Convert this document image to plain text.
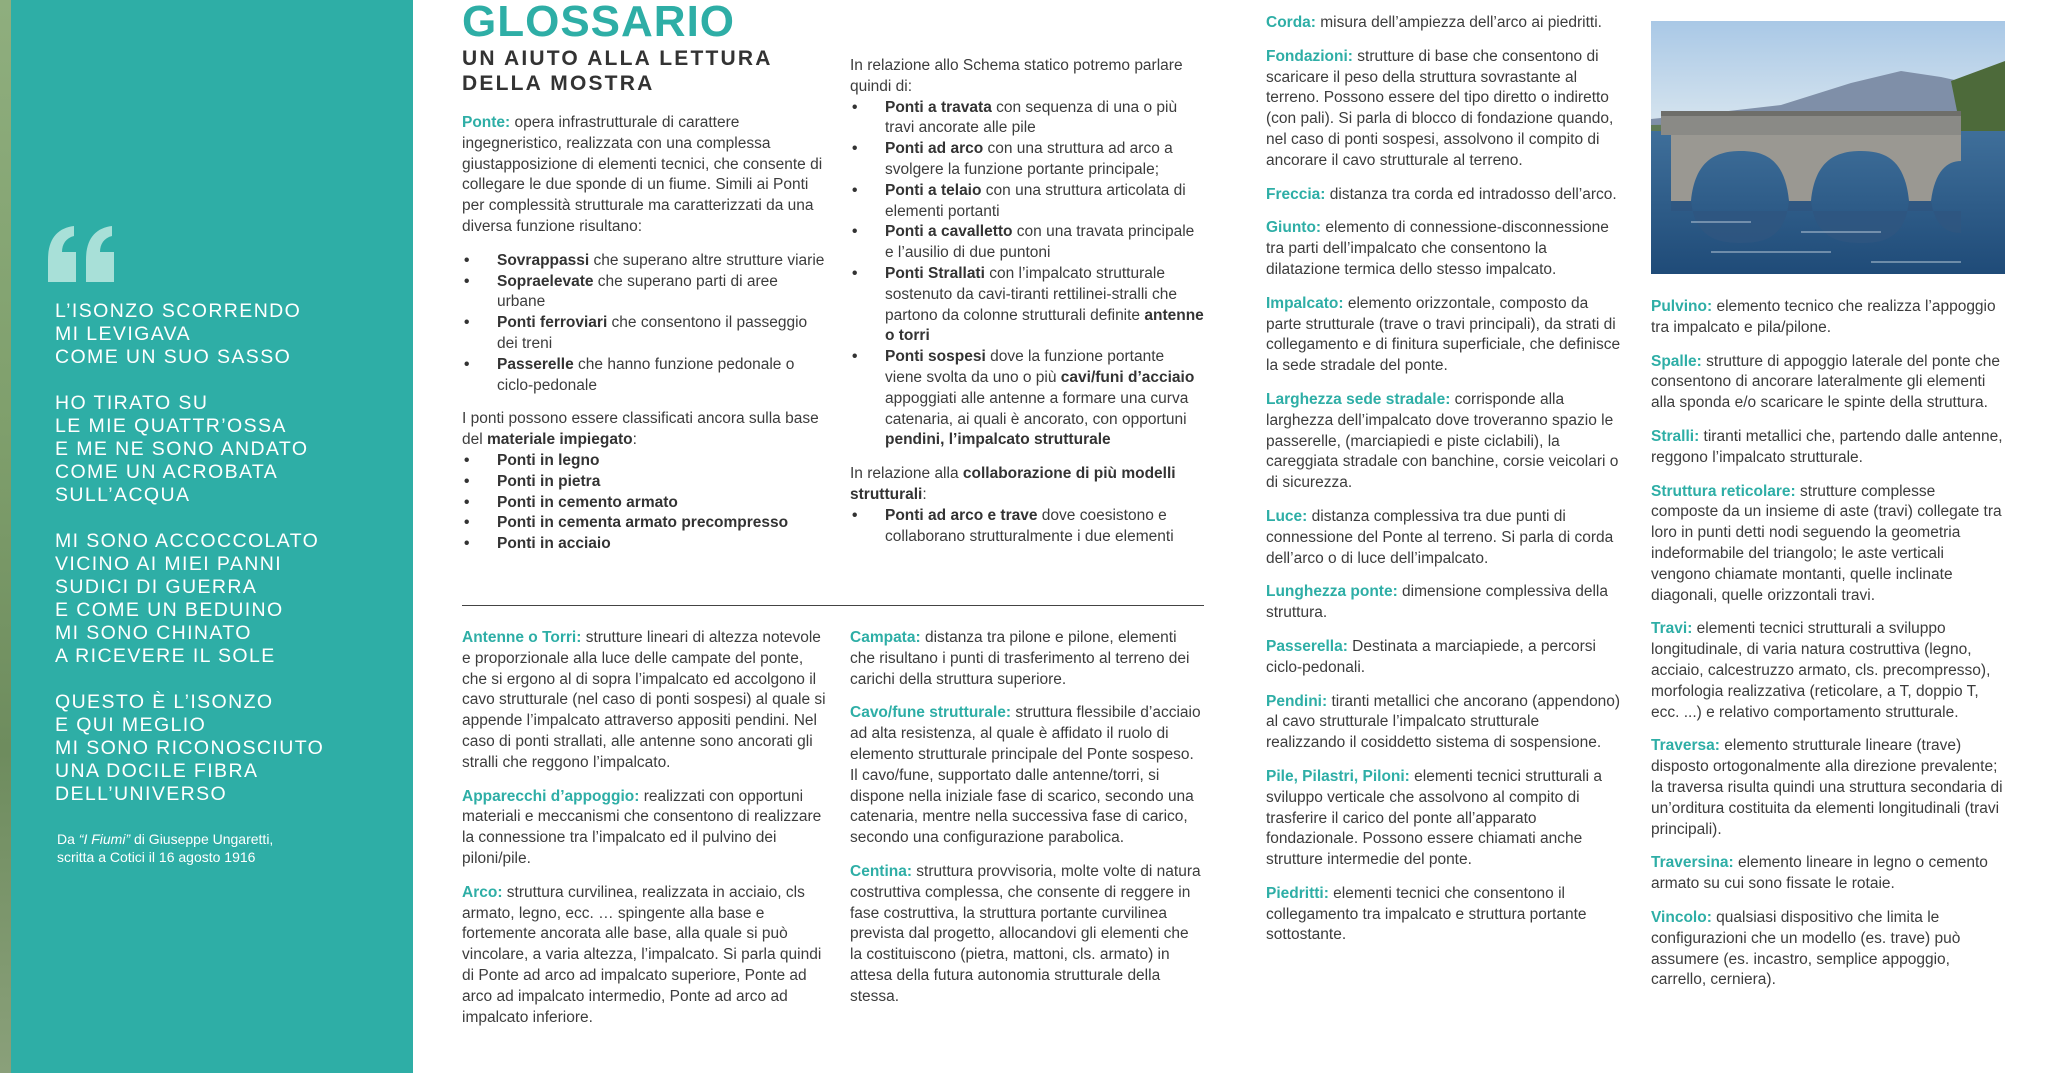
L’ISONZO SCORRENDO
MI LEVIGAVA
COME UN SUO SASSO
HO TIRATO SU
LE MIE QUATTR’OSSA
E ME NE SONO ANDATO
COME UN ACROBATA
SULL’ACQUA
MI SONO ACCOCCOLATO
VICINO AI MIEI PANNI
SUDICI DI GUERRA
E COME UN BEDUINO
MI SONO CHINATO
A RICEVERE IL SOLE
QUESTO È L’ISONZO
E QUI MEGLIO
MI SONO RICONOSCIUTO
UNA DOCILE FIBRA
DELL’UNIVERSO
Da “I Fiumi” di Giuseppe Ungaretti,
scritta a Cotici il 16 agosto 1916
GLOSSARIO
UN AIUTO ALLA LETTURA
DELLA MOSTRA

Ponte: opera infrastrutturale di carattere ingegneristico, realizzata con una complessa giustapposizione di elementi tecnici, che consente di collegare le due sponde di un fiume. Simili ai Ponti per complessità strutturale ma caratterizzati da una diversa funzione risultano:

• Sovrappassi che superano altre strutture viarie
• Sopraelevate che superano parti di aree urbane
• Ponti ferroviari che consentono il passeggio dei treni
• Passerelle che hanno funzione pedonale o ciclo-pedonale

I ponti possono essere classificati ancora sulla base del materiale impiegato:

• Ponti in legno
• Ponti in pietra
• Ponti in cemento armato
• Ponti in cementa armato precompresso
• Ponti in acciaio

In relazione allo Schema statico potremo parlare quindi di:

• Ponti a travata con sequenza di una o più travi ancorate alle pile
• Ponti ad arco con una struttura ad arco a svolgere la funzione portante principale;
• Ponti a telaio con una struttura articolata di elementi portanti
• Ponti a cavalletto con una travata principale e l’ausilio di due puntoni
• Ponti Strallati con l’impalcato strutturale sostenuto da cavi-tiranti rettilinei-stralli che partono da colonne strutturali definite antenne o torri
• Ponti sospesi dove la funzione portante viene svolta da uno o più cavi/funi d’acciaio appoggiati alle antenne a formare una curva catenaria, ai quali è ancorato, con opportuni pendini, l’impalcato strutturale

In relazione alla collaborazione di più modelli strutturali:

• Ponti ad arco e trave dove coesistono e collaborano strutturalmente i due elementi

Antenne o Torri: strutture lineari di altezza notevole e proporzionale alla luce delle campate del ponte, che si ergono al di sopra l’impalcato ed accolgono il cavo strutturale (nel caso di ponti sospesi) al quale si appende l’impalcato attraverso appositi pendini. Nel caso di ponti strallati, alle antenne sono ancorati gli stralli che reggono l’impalcato.

Apparecchi d’appoggio: realizzati con opportuni materiali e meccanismi che consentono di realizzare la connessione tra l’impalcato ed il pulvino dei piloni/pile.

Arco: struttura curvilinea, realizzata in acciaio, cls armato, legno, ecc. … spingente alla base e fortemente ancorata alle base, alla quale si può vincolare, a varia altezza, l’impalcato. Si parla quindi di Ponte ad arco ad impalcato superiore, Ponte ad arco ad impalcato intermedio, Ponte ad arco ad impalcato inferiore.

Campata: distanza tra pilone e pilone, elementi che risultano i punti di trasferimento al terreno dei carichi della struttura superiore.

Cavo/fune strutturale: struttura flessibile d’acciaio ad alta resistenza, al quale è affidato il ruolo di elemento strutturale principale del Ponte sospeso. Il cavo/fune, supportato dalle antenne/torri, si dispone nella iniziale fase di scarico, secondo una catenaria, mentre nella successiva fase di carico, secondo una configurazione parabolica.

Centina: struttura provvisoria, molte volte di natura costruttiva complessa, che consente di reggere in fase costruttiva, la struttura portante curvilinea prevista dal progetto, allocandovi gli elementi che la costituiscono (pietra, mattoni, cls. armato) in attesa della futura autonomia strutturale della stessa.

Corda: misura dell’ampiezza dell’arco ai piedritti.

Fondazioni: strutture di base che consentono di scaricare il peso della struttura sovrastante al terreno. Possono essere del tipo diretto o indiretto (con pali). Si parla di blocco di fondazione quando, nel caso di ponti sospesi, assolvono il compito di ancorare il cavo strutturale al terreno.

Freccia: distanza tra corda ed intradosso dell’arco.

Giunto: elemento di connessione-disconnessione tra parti dell’impalcato che consentono la dilatazione termica dello stesso impalcato.

Impalcato: elemento orizzontale, composto da parte strutturale (trave o travi principali), da strati di collegamento e di finitura superficiale, che definisce la sede stradale del ponte.

Larghezza sede stradale: corrisponde alla larghezza dell’impalcato dove troveranno spazio le passerelle, (marciapiedi e piste ciclabili), la careggiata stradale con banchine, corsie veicolari o di sicurezza.

Luce: distanza complessiva tra due punti di connessione del Ponte al terreno. Si parla di corda dell’arco o di luce dell’impalcato.

Lunghezza ponte: dimensione complessiva della struttura.

Passerella: Destinata a marciapiede, a percorsi ciclo-pedonali.

Pendini: tiranti metallici che ancorano (appendono) al cavo strutturale l’impalcato strutturale realizzando il cosiddetto sistema di sospensione.

Pile, Pilastri, Piloni: elementi tecnici strutturali a sviluppo verticale che assolvono al compito di trasferire il carico del ponte all’apparato fondazionale. Possono essere chiamati anche strutture intermedie del ponte.

Piedritti: elementi tecnici che consentono il collegamento tra impalcato e struttura portante sottostante.

Pulvino: elemento tecnico che realizza l’appoggio tra impalcato e pila/pilone.

Spalle: strutture di appoggio laterale del ponte che consentono di ancorare lateralmente gli elementi alla sponda e/o scaricare le spinte della struttura.

Stralli: tiranti metallici che, partendo dalle antenne, reggono l’impalcato strutturale.

Struttura reticolare: strutture complesse composte da un insieme di aste (travi) collegate tra loro in punti detti nodi seguendo la geometria indeformabile del triangolo; le aste verticali vengono chiamate montanti, quelle inclinate diagonali, quelle orizzontali travi.

Travi: elementi tecnici strutturali a sviluppo longitudinale, di varia natura costruttiva (legno, acciaio, calcestruzzo armato, cls. precompresso), morfologia realizzativa (reticolare, a T, doppio T, ecc. ...) e relativo comportamento strutturale.

Traversa: elemento strutturale lineare (trave) disposto ortogonalmente alla direzione prevalente; la traversa risulta quindi una struttura secondaria di un’orditura costituita da elementi longitudinali (travi principali).

Traversina: elemento lineare in legno o cemento armato su cui sono fissate le rotaie.

Vincolo: qualsiasi dispositivo che limita le configurazioni che un modello (es. trave) può assumere (es. incastro, semplice appoggio, carrello, cerniera).
